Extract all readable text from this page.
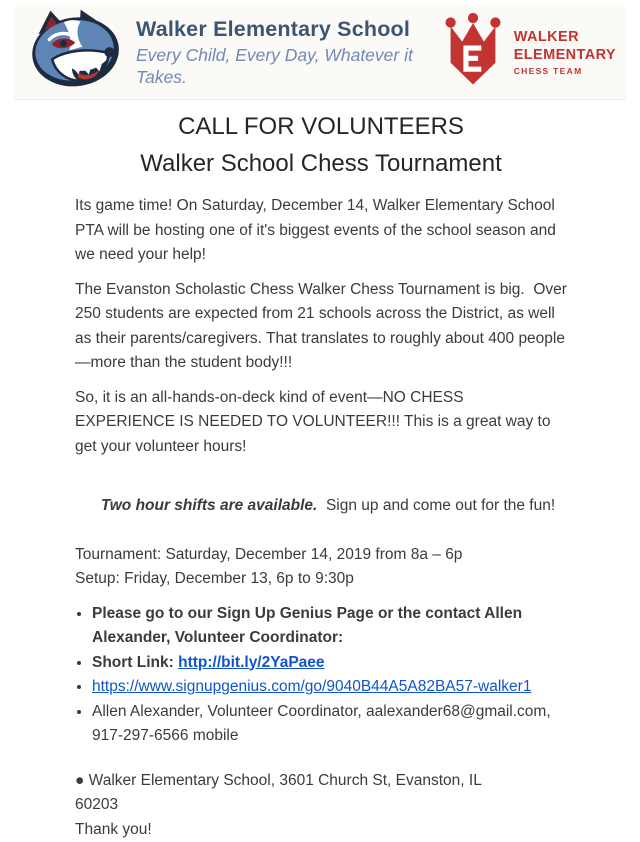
Walker Elementary School
Every Child, Every Day, Whatever it Takes.
WALKER
ELEMENTARY
CHESS TEAM
CALL FOR VOLUNTEERS
Walker School Chess Tournament

Its game time! On Saturday, December 14, Walker Elementary School PTA will be hosting one of it's biggest events of the school season and we need your help!

The Evanston Scholastic Chess Walker Chess Tournament is big.  Over 250 students are expected from 21 schools across the District, as well as their parents/caregivers. That translates to roughly about 400 people—more than the student body!!!

So, it is an all-hands-on-deck kind of event—NO CHESS EXPERIENCE IS NEEDED TO VOLUNTEER!!! This is a great way to get your volunteer hours!

Two hour shifts are available.  Sign up and come out for the fun!

Tournament: Saturday, December 14, 2019 from 8a – 6p
Setup: Friday, December 13, 6p to 9:30p
• Please go to our Sign Up Genius Page or the contact Allen Alexander, Volunteer Coordinator:
• Short Link: http://bit.ly/2YaPaee
• https://www.signupgenius.com/go/9040B44A5A82BA57-walker1
• Allen Alexander, Volunteer Coordinator, aalexander68@gmail.com, 917-297-6566 mobile
● Walker Elementary School, 3601 Church St, Evanston, IL
60203
Thank you!
